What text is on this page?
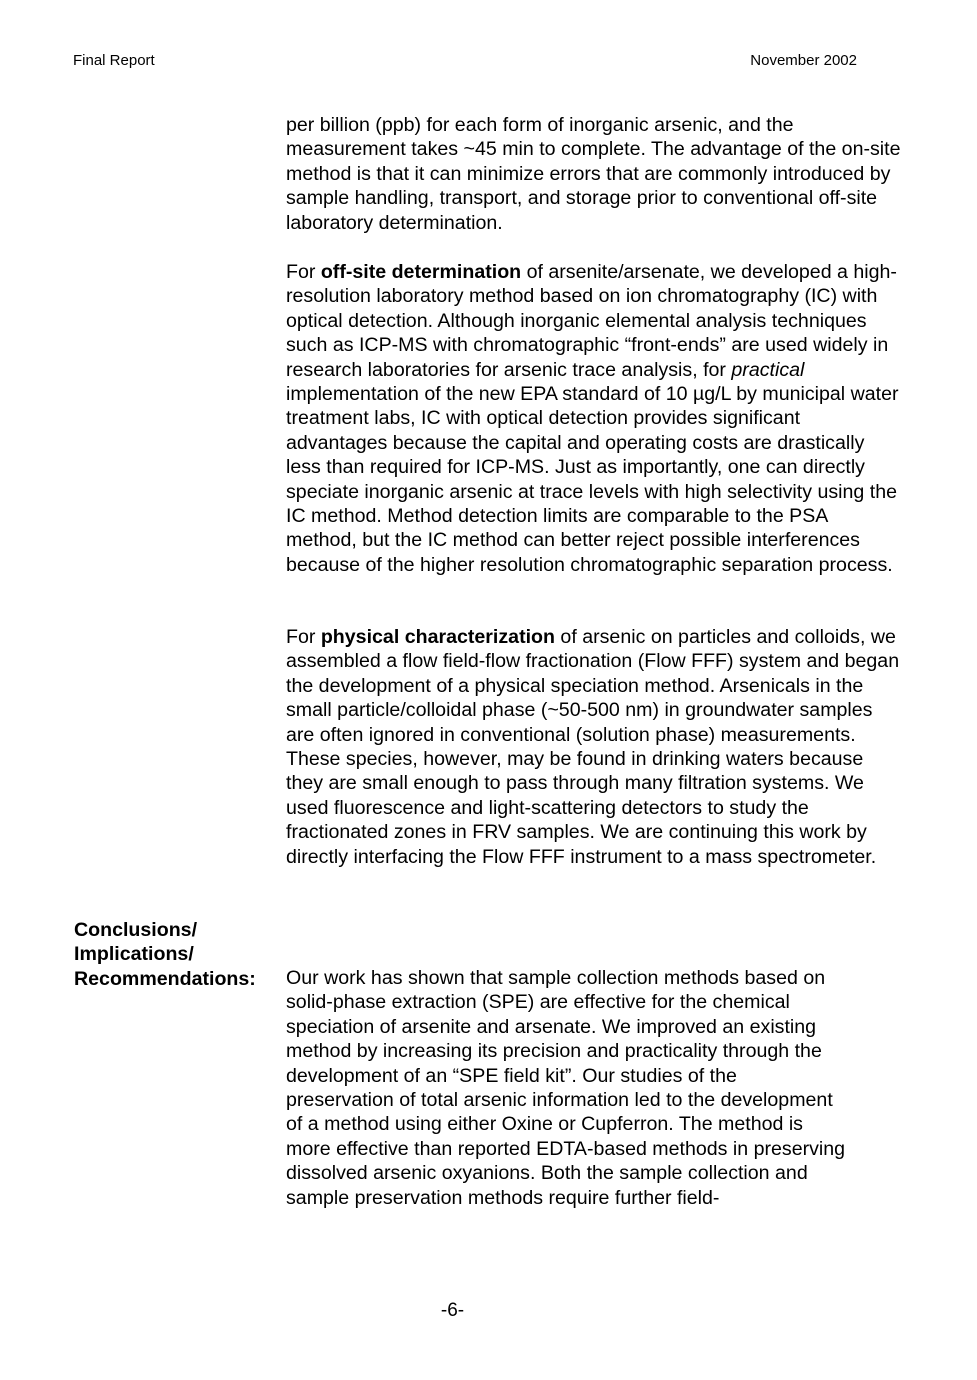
Final Report	November 2002

per billion (ppb) for each form of inorganic arsenic, and the measurement takes ~45 min to complete. The advantage of the on-site method is that it can minimize errors that are commonly introduced by sample handling, transport, and storage prior to conventional off-site laboratory determination.

For off-site determination of arsenite/arsenate, we developed a high-resolution laboratory method based on ion chromatography (IC) with optical detection. Although inorganic elemental analysis techniques such as ICP-MS with chromatographic “front-ends” are used widely in research laboratories for arsenic trace analysis, for practical implementation of the new EPA standard of 10 µg/L by municipal water treatment labs, IC with optical detection provides significant advantages because the capital and operating costs are drastically less than required for ICP-MS. Just as importantly, one can directly speciate inorganic arsenic at trace levels with high selectivity using the IC method. Method detection limits are comparable to the PSA method, but the IC method can better reject possible interferences because of the higher resolution chromatographic separation process.

For physical characterization of arsenic on particles and colloids, we assembled a flow field-flow fractionation (Flow FFF) system and began the development of a physical speciation method. Arsenicals in the small particle/colloidal phase (~50-500 nm) in groundwater samples are often ignored in conventional (solution phase) measurements. These species, however, may be found in drinking waters because they are small enough to pass through many filtration systems. We used fluorescence and light-scattering detectors to study the fractionated zones in FRV samples. We are continuing this work by directly interfacing the Flow FFF instrument to a mass spectrometer.

Conclusions/
Implications/
Recommendations:	Our work has shown that sample collection methods based on solid-phase extraction (SPE) are effective for the chemical speciation of arsenite and arsenate. We improved an existing method by increasing its precision and practicality through the development of an “SPE field kit”. Our studies of the preservation of total arsenic information led to the development of a method using either Oxine or Cupferron. The method is more effective than reported EDTA-based methods in preserving dissolved arsenic oxyanions. Both the sample collection and sample preservation methods require further field-

-6-
